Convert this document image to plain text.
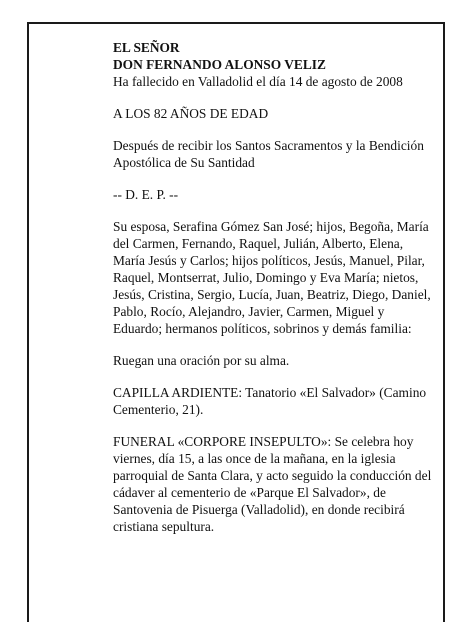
EL SEÑOR

DON FERNANDO ALONSO VELIZ

Ha fallecido en Valladolid el día 14 de agosto de 2008

A LOS 82 AÑOS DE EDAD

Después de recibir los Santos Sacramentos y la Bendición Apostólica de Su Santidad

-- D. E. P. --

Su esposa, Serafina Gómez San José; hijos, Begoña, María del Carmen, Fernando, Raquel, Julián, Alberto, Elena, María Jesús y Carlos; hijos políticos, Jesús, Manuel, Pilar, Raquel, Montserrat, Julio, Domingo y Eva María; nietos, Jesús, Cristina, Sergio, Lucía, Juan, Beatriz, Diego, Daniel, Pablo, Rocío, Alejandro, Javier, Carmen, Miguel y Eduardo; hermanos políticos, sobrinos y demás familia:

Ruegan una oración por su alma.

CAPILLA ARDIENTE: Tanatorio «El Salvador» (Camino Cementerio, 21).

FUNERAL «CORPORE INSEPULTO»: Se celebra hoy viernes, día 15, a las once de la mañana, en la iglesia parroquial de Santa Clara, y acto seguido la conducción del cádaver al cementerio de «Parque El Salvador», de Santovenia de Pisuerga (Valladolid), en donde recibirá cristiana sepultura.
